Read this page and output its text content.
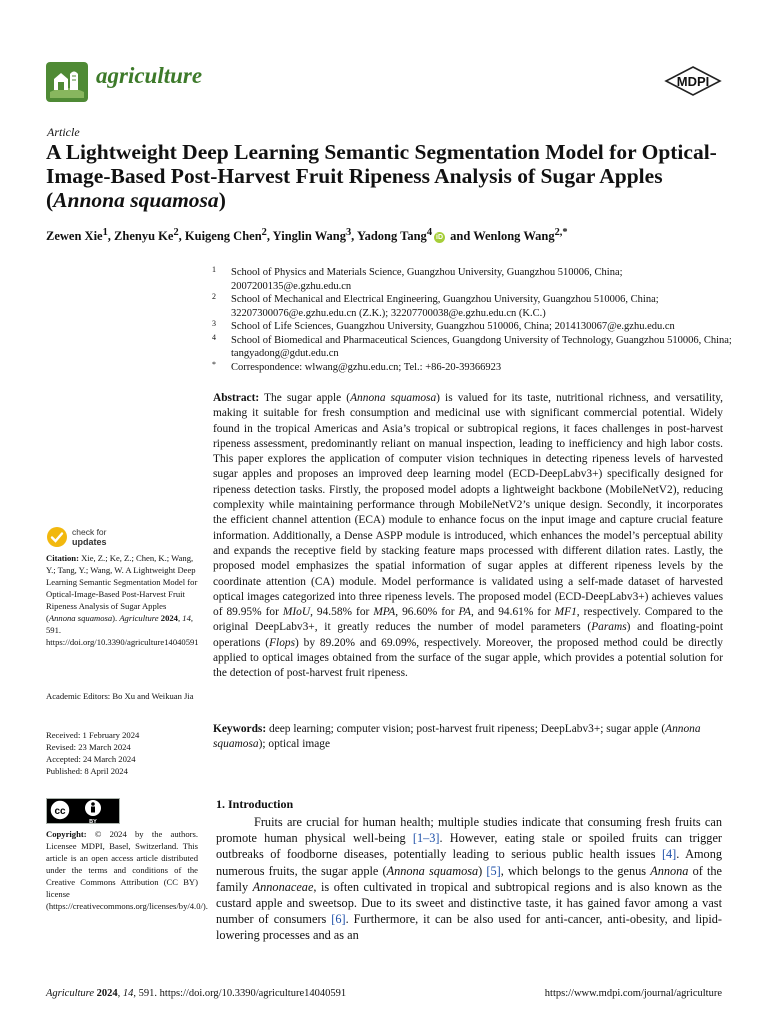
agriculture	MDPI
Article
A Lightweight Deep Learning Semantic Segmentation Model for Optical-Image-Based Post-Harvest Fruit Ripeness Analysis of Sugar Apples (Annona squamosa)
Zewen Xie$^1$, Zhenyu Ke$^2$, Kuigeng Chen$^2$, Yinglin Wang$^3$, Yadong Tang$^4$ iD and Wenlong Wang$^{2,*}$
1 School of Physics and Materials Science, Guangzhou University, Guangzhou 510006, China; 2007200135@e.gzhu.edu.cn
2 School of Mechanical and Electrical Engineering, Guangzhou University, Guangzhou 510006, China; 32207300076@e.gzhu.edu.cn (Z.K.); 32207700038@e.gzhu.edu.cn (K.C.)
3 School of Life Sciences, Guangzhou University, Guangzhou 510006, China; 2014130067@e.gzhu.edu.cn
4 School of Biomedical and Pharmaceutical Sciences, Guangdong University of Technology, Guangzhou 510006, China; tangyadong@gdut.edu.cn
* Correspondence: wlwang@gzhu.edu.cn; Tel.: +86-20-39366923
Abstract: The sugar apple (Annona squamosa) is valued for its taste, nutritional richness, and versatility, making it suitable for fresh consumption and medicinal use with significant commercial potential. Widely found in the tropical Americas and Asia’s tropical or subtropical regions, it faces challenges in post-harvest ripeness assessment, predominantly reliant on manual inspection, leading to inefficiency and high labor costs. This paper explores the application of computer vision techniques in detecting ripeness levels of harvested sugar apples and proposes an improved deep learning model (ECD-DeepLabv3+) specifically designed for ripeness detection tasks. Firstly, the proposed model adopts a lightweight backbone (MobileNetV2), reducing complexity while maintaining performance through MobileNetV2’s unique design. Secondly, it incorporates the efficient channel attention (ECA) module to enhance focus on the input image and capture crucial feature information. Additionally, a Dense ASPP module is introduced, which enhances the model’s perceptual ability and expands the receptive field by stacking feature maps processed with different dilation rates. Lastly, the proposed model emphasizes the spatial information of sugar apples at different ripeness levels by the coordinate attention (CA) module. Model performance is validated using a self-made dataset of harvested optical images categorized into three ripeness levels. The proposed model (ECD-DeepLabv3+) achieves values of 89.95% for MIoU, 94.58% for MPA, 96.60% for PA, and 94.61% for MF1, respectively. Compared to the original DeepLabv3+, it greatly reduces the number of model parameters (Params) and floating-point operations (Flops) by 89.20% and 69.09%, respectively. Moreover, the proposed method could be directly applied to optical images obtained from the surface of the sugar apple, which provides a potential solution for the detection of post-harvest fruit ripeness.
Keywords: deep learning; computer vision; post-harvest fruit ripeness; DeepLabv3+; sugar apple (Annona squamosa); optical image
check for
updates
Citation: Xie, Z.; Ke, Z.; Chen, K.; Wang, Y.; Tang, Y.; Wang, W. A Lightweight Deep Learning Semantic Segmentation Model for Optical-Image-Based Post-Harvest Fruit Ripeness Analysis of Sugar Apples (Annona squamosa). Agriculture 2024, 14, 591. https://doi.org/10.3390/agriculture14040591
Academic Editors: Bo Xu and Weikuan Jia
Received: 1 February 2024
Revised: 23 March 2024
Accepted: 24 March 2024
Published: 8 April 2024
cc
BY
Copyright: © 2024 by the authors. Licensee MDPI, Basel, Switzerland. This article is an open access article distributed under the terms and conditions of the Creative Commons Attribution (CC BY) license (https://creativecommons.org/licenses/by/4.0/).
1. Introduction
Fruits are crucial for human health; multiple studies indicate that consuming fresh fruits can promote human physical well-being [1–3]. However, eating stale or spoiled fruits can trigger outbreaks of foodborne diseases, potentially leading to serious public health issues [4]. Among numerous fruits, the sugar apple (Annona squamosa) [5], which belongs to the genus Annona of the family Annonaceae, is often cultivated in tropical and subtropical regions and is also known as the custard apple and sweetsop. Due to its sweet and distinctive taste, it has gained favor among a vast number of consumers [6]. Furthermore, it can be also used for anti-cancer, anti-obesity, and lipid-lowering processes and as an
Agriculture 2024, 14, 591. https://doi.org/10.3390/agriculture14040591	https://www.mdpi.com/journal/agriculture
